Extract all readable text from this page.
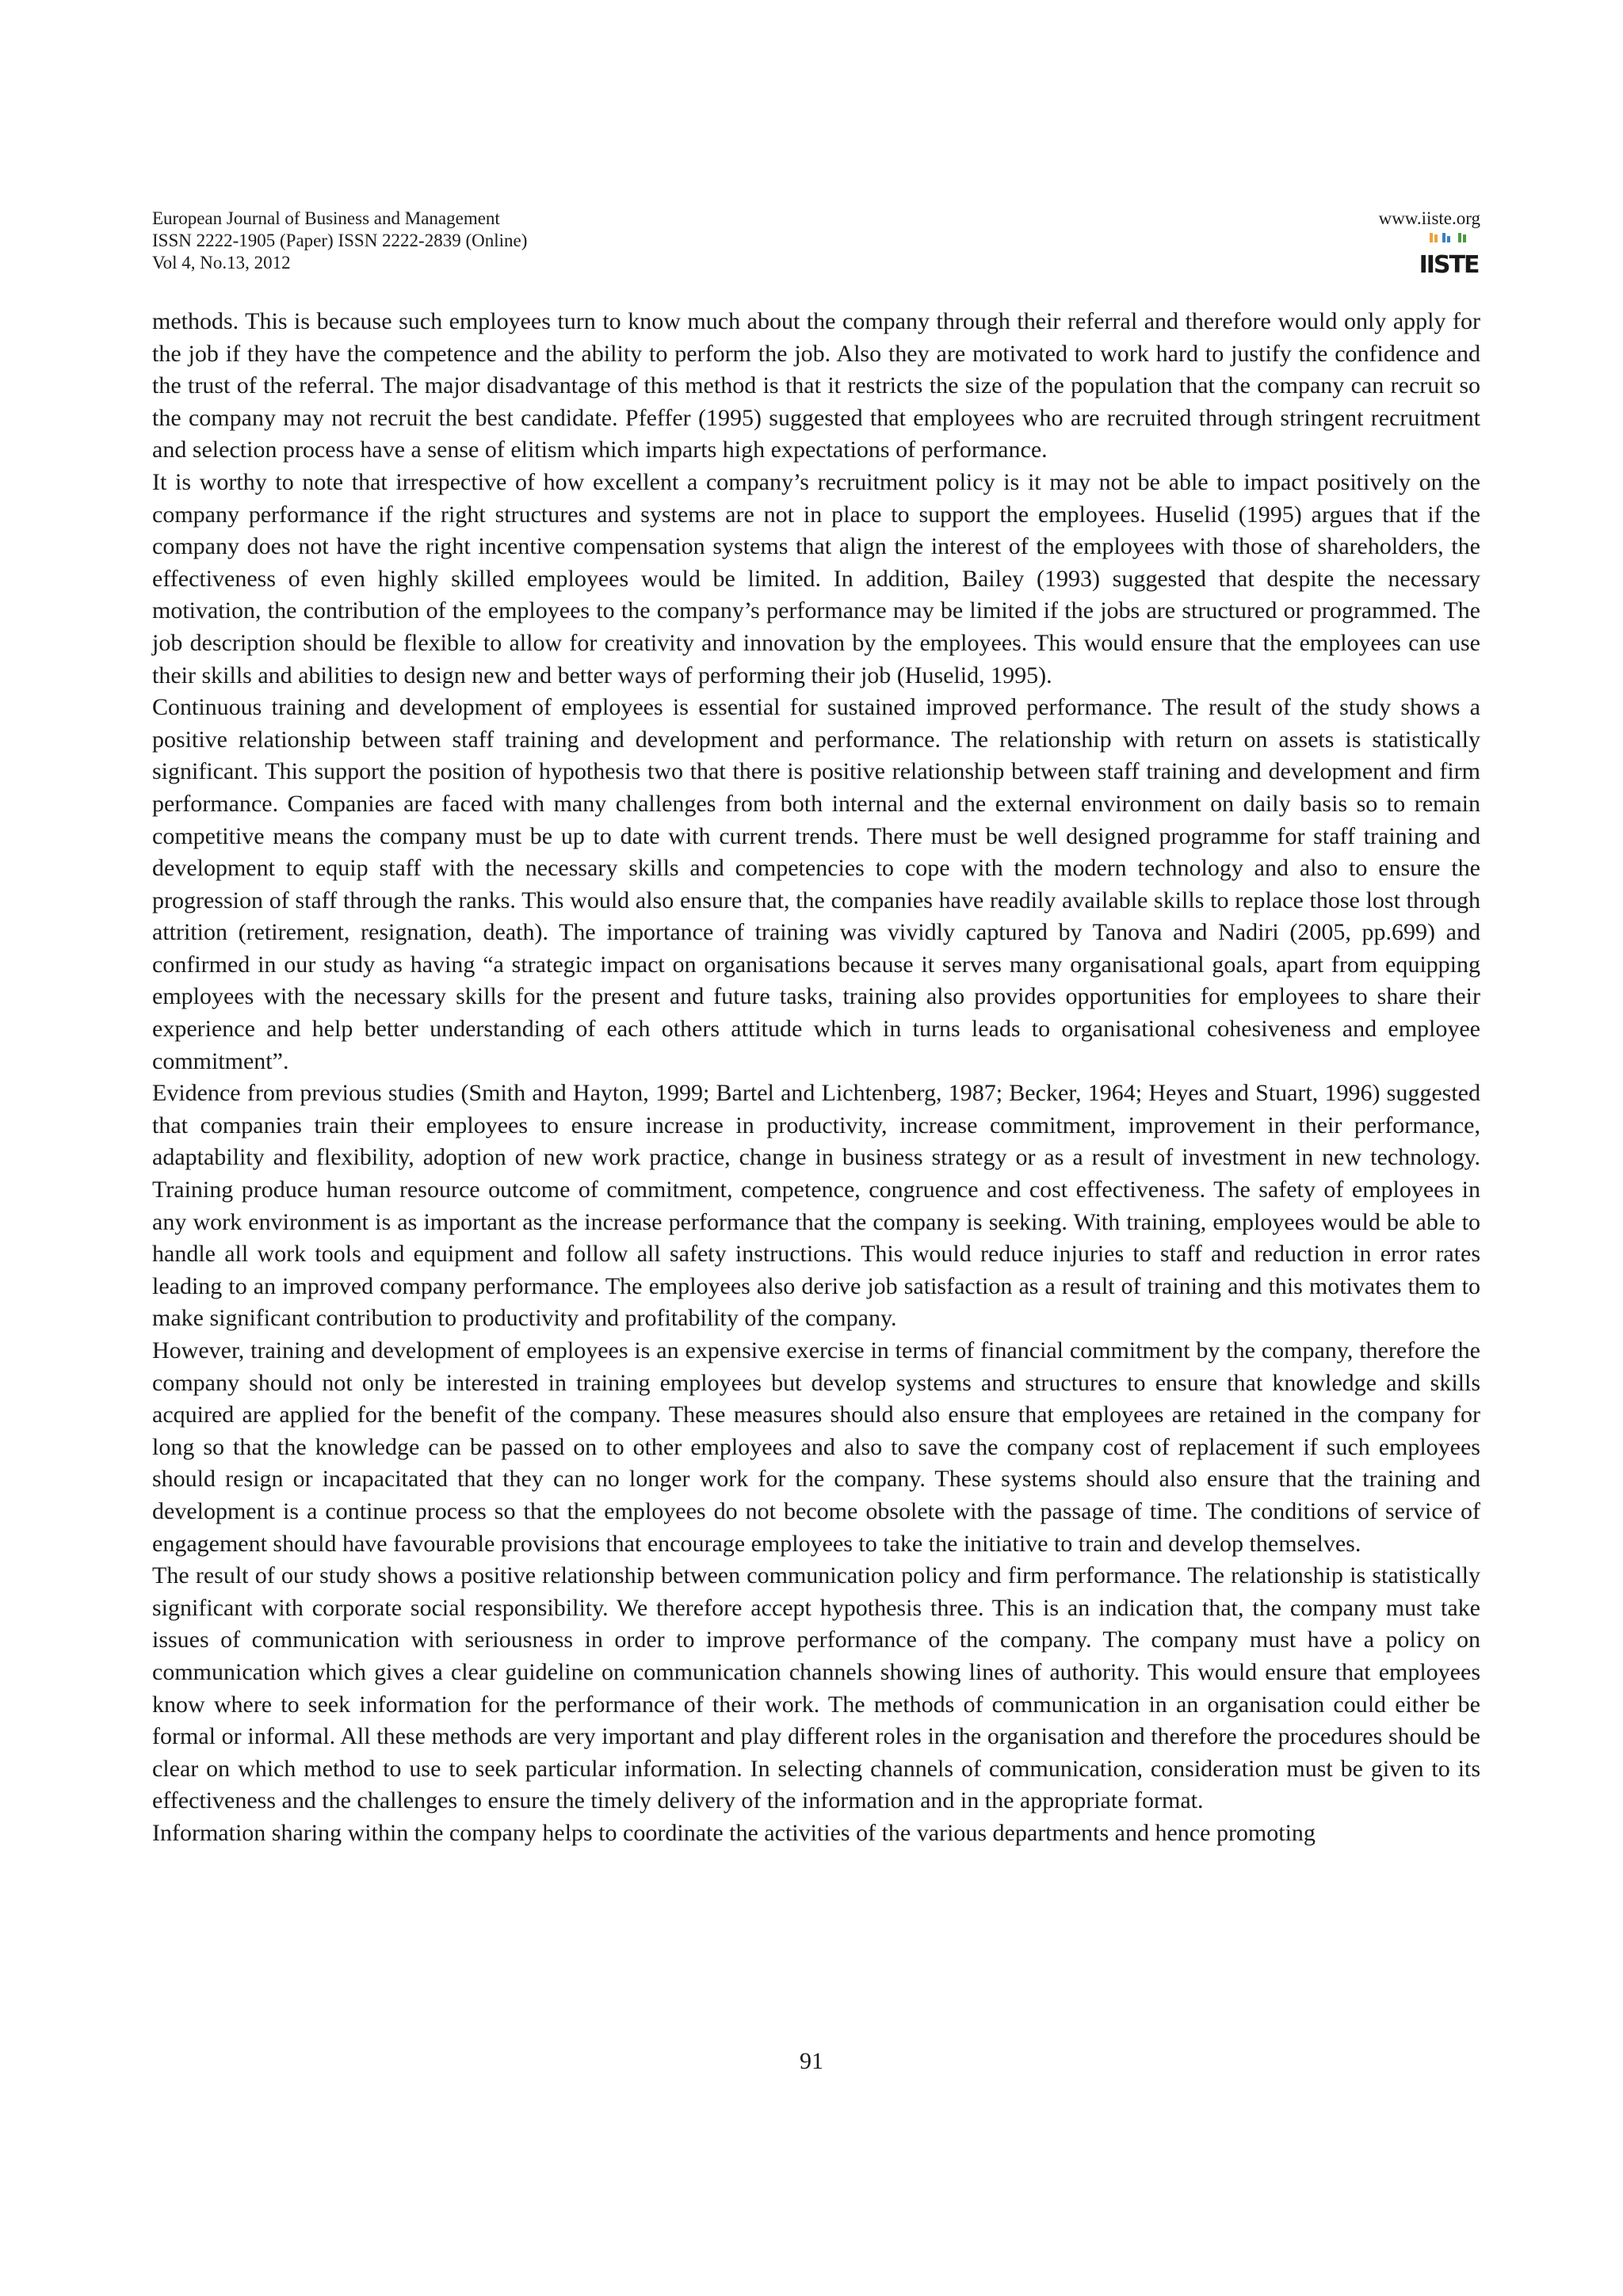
European Journal of Business and Management
ISSN 2222-1905 (Paper) ISSN 2222-2839 (Online)
Vol 4, No.13, 2012
www.iiste.org
IISTE

methods. This is because such employees turn to know much about the company through their referral and therefore would only apply for the job if they have the competence and the ability to perform the job. Also they are motivated to work hard to justify the confidence and the trust of the referral. The major disadvantage of this method is that it restricts the size of the population that the company can recruit so the company may not recruit the best candidate. Pfeffer (1995) suggested that employees who are recruited through stringent recruitment and selection process have a sense of elitism which imparts high expectations of performance.

It is worthy to note that irrespective of how excellent a company’s recruitment policy is it may not be able to impact positively on the company performance if the right structures and systems are not in place to support the employees. Huselid (1995) argues that if the company does not have the right incentive compensation systems that align the interest of the employees with those of shareholders, the effectiveness of even highly skilled employees would be limited. In addition, Bailey (1993) suggested that despite the necessary motivation, the contribution of the employees to the company’s performance may be limited if the jobs are structured or programmed. The job description should be flexible to allow for creativity and innovation by the employees. This would ensure that the employees can use their skills and abilities to design new and better ways of performing their job (Huselid, 1995).

Continuous training and development of employees is essential for sustained improved performance. The result of the study shows a positive relationship between staff training and development and performance. The relationship with return on assets is statistically significant. This support the position of hypothesis two that there is positive relationship between staff training and development and firm performance. Companies are faced with many challenges from both internal and the external environment on daily basis so to remain competitive means the company must be up to date with current trends. There must be well designed programme for staff training and development to equip staff with the necessary skills and competencies to cope with the modern technology and also to ensure the progression of staff through the ranks. This would also ensure that, the companies have readily available skills to replace those lost through attrition (retirement, resignation, death). The importance of training was vividly captured by Tanova and Nadiri (2005, pp.699) and confirmed in our study as having “a strategic impact on organisations because it serves many organisational goals, apart from equipping employees with the necessary skills for the present and future tasks, training also provides opportunities for employees to share their experience and help better understanding of each others attitude which in turns leads to organisational cohesiveness and employee commitment”.

Evidence from previous studies (Smith and Hayton, 1999; Bartel and Lichtenberg, 1987; Becker, 1964; Heyes and Stuart, 1996) suggested that companies train their employees to ensure increase in productivity, increase commitment, improvement in their performance, adaptability and flexibility, adoption of new work practice, change in business strategy or as a result of investment in new technology. Training produce human resource outcome of commitment, competence, congruence and cost effectiveness. The safety of employees in any work environment is as important as the increase performance that the company is seeking. With training, employees would be able to handle all work tools and equipment and follow all safety instructions. This would reduce injuries to staff and reduction in error rates leading to an improved company performance. The employees also derive job satisfaction as a result of training and this motivates them to make significant contribution to productivity and profitability of the company.

However, training and development of employees is an expensive exercise in terms of financial commitment by the company, therefore the company should not only be interested in training employees but develop systems and structures to ensure that knowledge and skills acquired are applied for the benefit of the company. These measures should also ensure that employees are retained in the company for long so that the knowledge can be passed on to other employees and also to save the company cost of replacement if such employees should resign or incapacitated that they can no longer work for the company. These systems should also ensure that the training and development is a continue process so that the employees do not become obsolete with the passage of time. The conditions of service of engagement should have favourable provisions that encourage employees to take the initiative to train and develop themselves.

The result of our study shows a positive relationship between communication policy and firm performance. The relationship is statistically significant with corporate social responsibility. We therefore accept hypothesis three. This is an indication that, the company must take issues of communication with seriousness in order to improve performance of the company. The company must have a policy on communication which gives a clear guideline on communication channels showing lines of authority. This would ensure that employees know where to seek information for the performance of their work. The methods of communication in an organisation could either be formal or informal. All these methods are very important and play different roles in the organisation and therefore the procedures should be clear on which method to use to seek particular information. In selecting channels of communication, consideration must be given to its effectiveness and the challenges to ensure the timely delivery of the information and in the appropriate format.

Information sharing within the company helps to coordinate the activities of the various departments and hence promoting

91
